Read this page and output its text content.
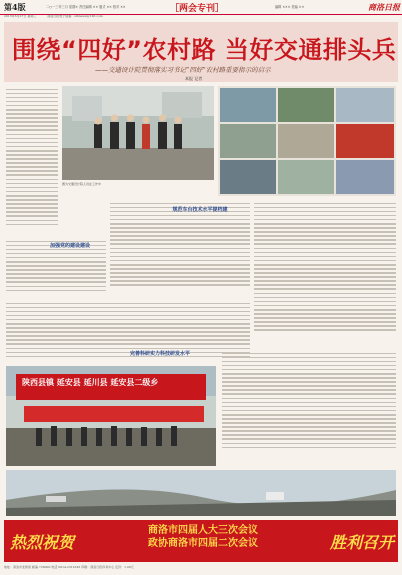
第4版	二○一三年三月 星期× 责任编辑 ×× 版式 ×× 校对 ××	［两会专刊］	编辑 ××× 美编 ××	商洛日报
2013年3月27日 星期三	商洛日报电子信箱：slbnews@126.com
围绕“四好”农村路 当好交通排头兵
——交通设计院贯彻落实习书记“四好”农村路重要指示的启示
本报 记者
图为交通设计院人员在工作中
加强党的建设建设
规范车台技术水平提档建
完善科研实力科技研发水平
陕西县镇 延安县 延川县 延安县二级乡
热烈祝贺
商洛市四届人大三次会议
政协商洛市四届二次会议	胜利召开
地址：商洛市北新街 邮编 726000 电话 0914-2312345 印刷：商洛日报印务中心 定价：1.00元
